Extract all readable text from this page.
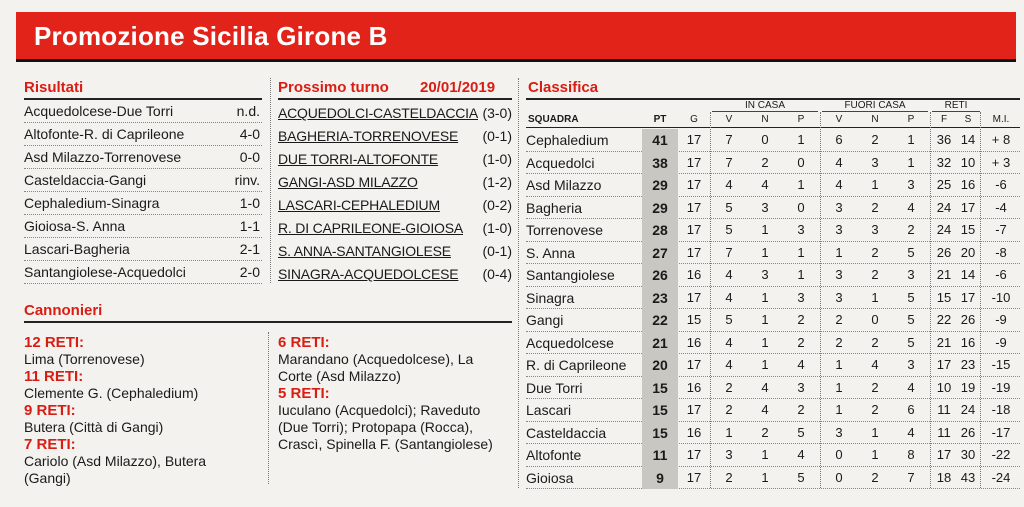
Promozione Sicilia Girone B
Risultati
Acquedolcese-Due Torri	n.d.
Altofonte-R. di Caprileone	4-0
Asd Milazzo-Torrenovese	0-0
Casteldaccia-Gangi	rinv.
Cephaledium-Sinagra	1-0
Gioiosa-S. Anna	1-1
Lascari-Bagheria	2-1
Santangiolese-Acquedolci	2-0
Prossimo turno 20/01/2019
ACQUEDOLCI-CASTELDACCIA (3-0)
BAGHERIA-TORRENOVESE (0-1)
DUE TORRI-ALTOFONTE	(1-0)
GANGI-ASD MILAZZO	(1-2)
LASCARI-CEPHALEDIUM	(0-2)
R. DI CAPRILEONE-GIOIOSA (1-0)
S. ANNA-SANTANGIOLESE (0-1)
SINAGRA-ACQUEDOLCESE (0-4)
Cannonieri
12 RETI:
Lima (Torrenovese)
11 RETI:
Clemente G. (Cephaledium)
9 RETI:
Butera (Città di Gangi)
7 RETI:
Cariolo (Asd Milazzo), Butera (Gangi)
6 RETI:
Marandano (Acquedolcese), La Corte (Asd Milazzo)
5 RETI:
Iuculano (Acquedolci); Raveduto (Due Torri); Protopapa (Rocca), Crascì, Spinella F. (Santangiolese)
Classifica
IN CASA	FUORI CASA	RETI
SQUADRA	PT	G	V	N	P	V	N	P	F	S	M.I.
Cephaledium	41	17	7	0	1	6	2	1	36 14	+ 8
Acquedolci	38	17	7	2	0	4	3	1	32 10	+ 3
Asd Milazzo	29	17	4	4	1	4	1	3	25 16	-6
Bagheria	29	17	5	3	0	3	2	4	24 17	-4
Torrenovese	28	17	5	1	3	3	3	2	24 15	-7
S. Anna	27	17	7	1	1	1	2	5	26 20	-8
Santangiolese	26	16	4	3	1	3	2	3	21 14	-6
Sinagra	23	17	4	1	3	3	1	5	15 17	-10
Gangi	22	15	5	1	2	2	0	5	22 26	-9
Acquedolcese	21	16	4	1	2	2	2	5	21 16	-9
R. di Caprileone	20	17	4	1	4	1	4	3	17 23	-15
Due Torri	15	16	2	4	3	1	2	4	10 19	-19
Lascari	15	17	2	4	2	1	2	6	11 24	-18
Casteldaccia	15	16	1	2	5	3	1	4	11 26	-17
Altofonte	11	17	3	1	4	0	1	8	17 30	-22
Gioiosa	9	17	2	1	5	0	2	7	18 43	-24
